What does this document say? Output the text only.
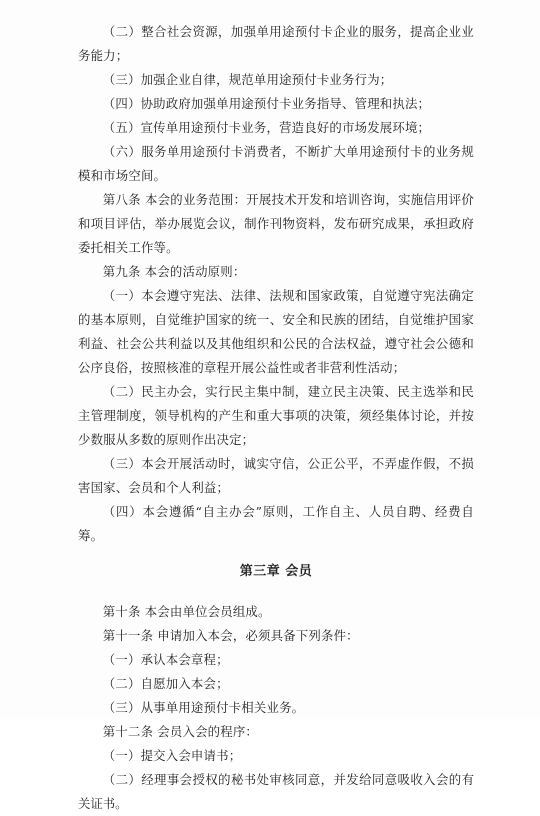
（二）整合社会资源，加强单用途预付卡企业的服务，提高企业业务能力；

（三）加强企业自律，规范单用途预付卡业务行为；

（四）协助政府加强单用途预付卡业务指导、管理和执法；

（五）宣传单用途预付卡业务，营造良好的市场发展环境；

（六）服务单用途预付卡消费者，不断扩大单用途预付卡的业务规模和市场空间。

第八条 本会的业务范围：开展技术开发和培训咨询，实施信用评价和项目评估，举办展览会议，制作刊物资料，发布研究成果，承担政府委托相关工作等。

第九条 本会的活动原则：

（一）本会遵守宪法、法律、法规和国家政策，自觉遵守宪法确定的基本原则，自觉维护国家的统一、安全和民族的团结，自觉维护国家利益、社会公共利益以及其他组织和公民的合法权益，遵守社会公德和公序良俗，按照核准的章程开展公益性或者非营利性活动；

（二）民主办会，实行民主集中制，建立民主决策、民主选举和民主管理制度，领导机构的产生和重大事项的决策，须经集体讨论，并按少数服从多数的原则作出决定；

（三）本会开展活动时，诚实守信，公正公平，不弄虚作假，不损害国家、会员和个人利益；

（四）本会遵循“自主办会”原则，工作自主、人员自聘、经费自筹。

第三章 会员

第十条 本会由单位会员组成。

第十一条 申请加入本会，必须具备下列条件：

（一）承认本会章程；

（二）自愿加入本会；

（三）从事单用途预付卡相关业务。

第十二条 会员入会的程序：

（一）提交入会申请书；

（二）经理事会授权的秘书处审核同意，并发给同意吸收入会的有关证书。
